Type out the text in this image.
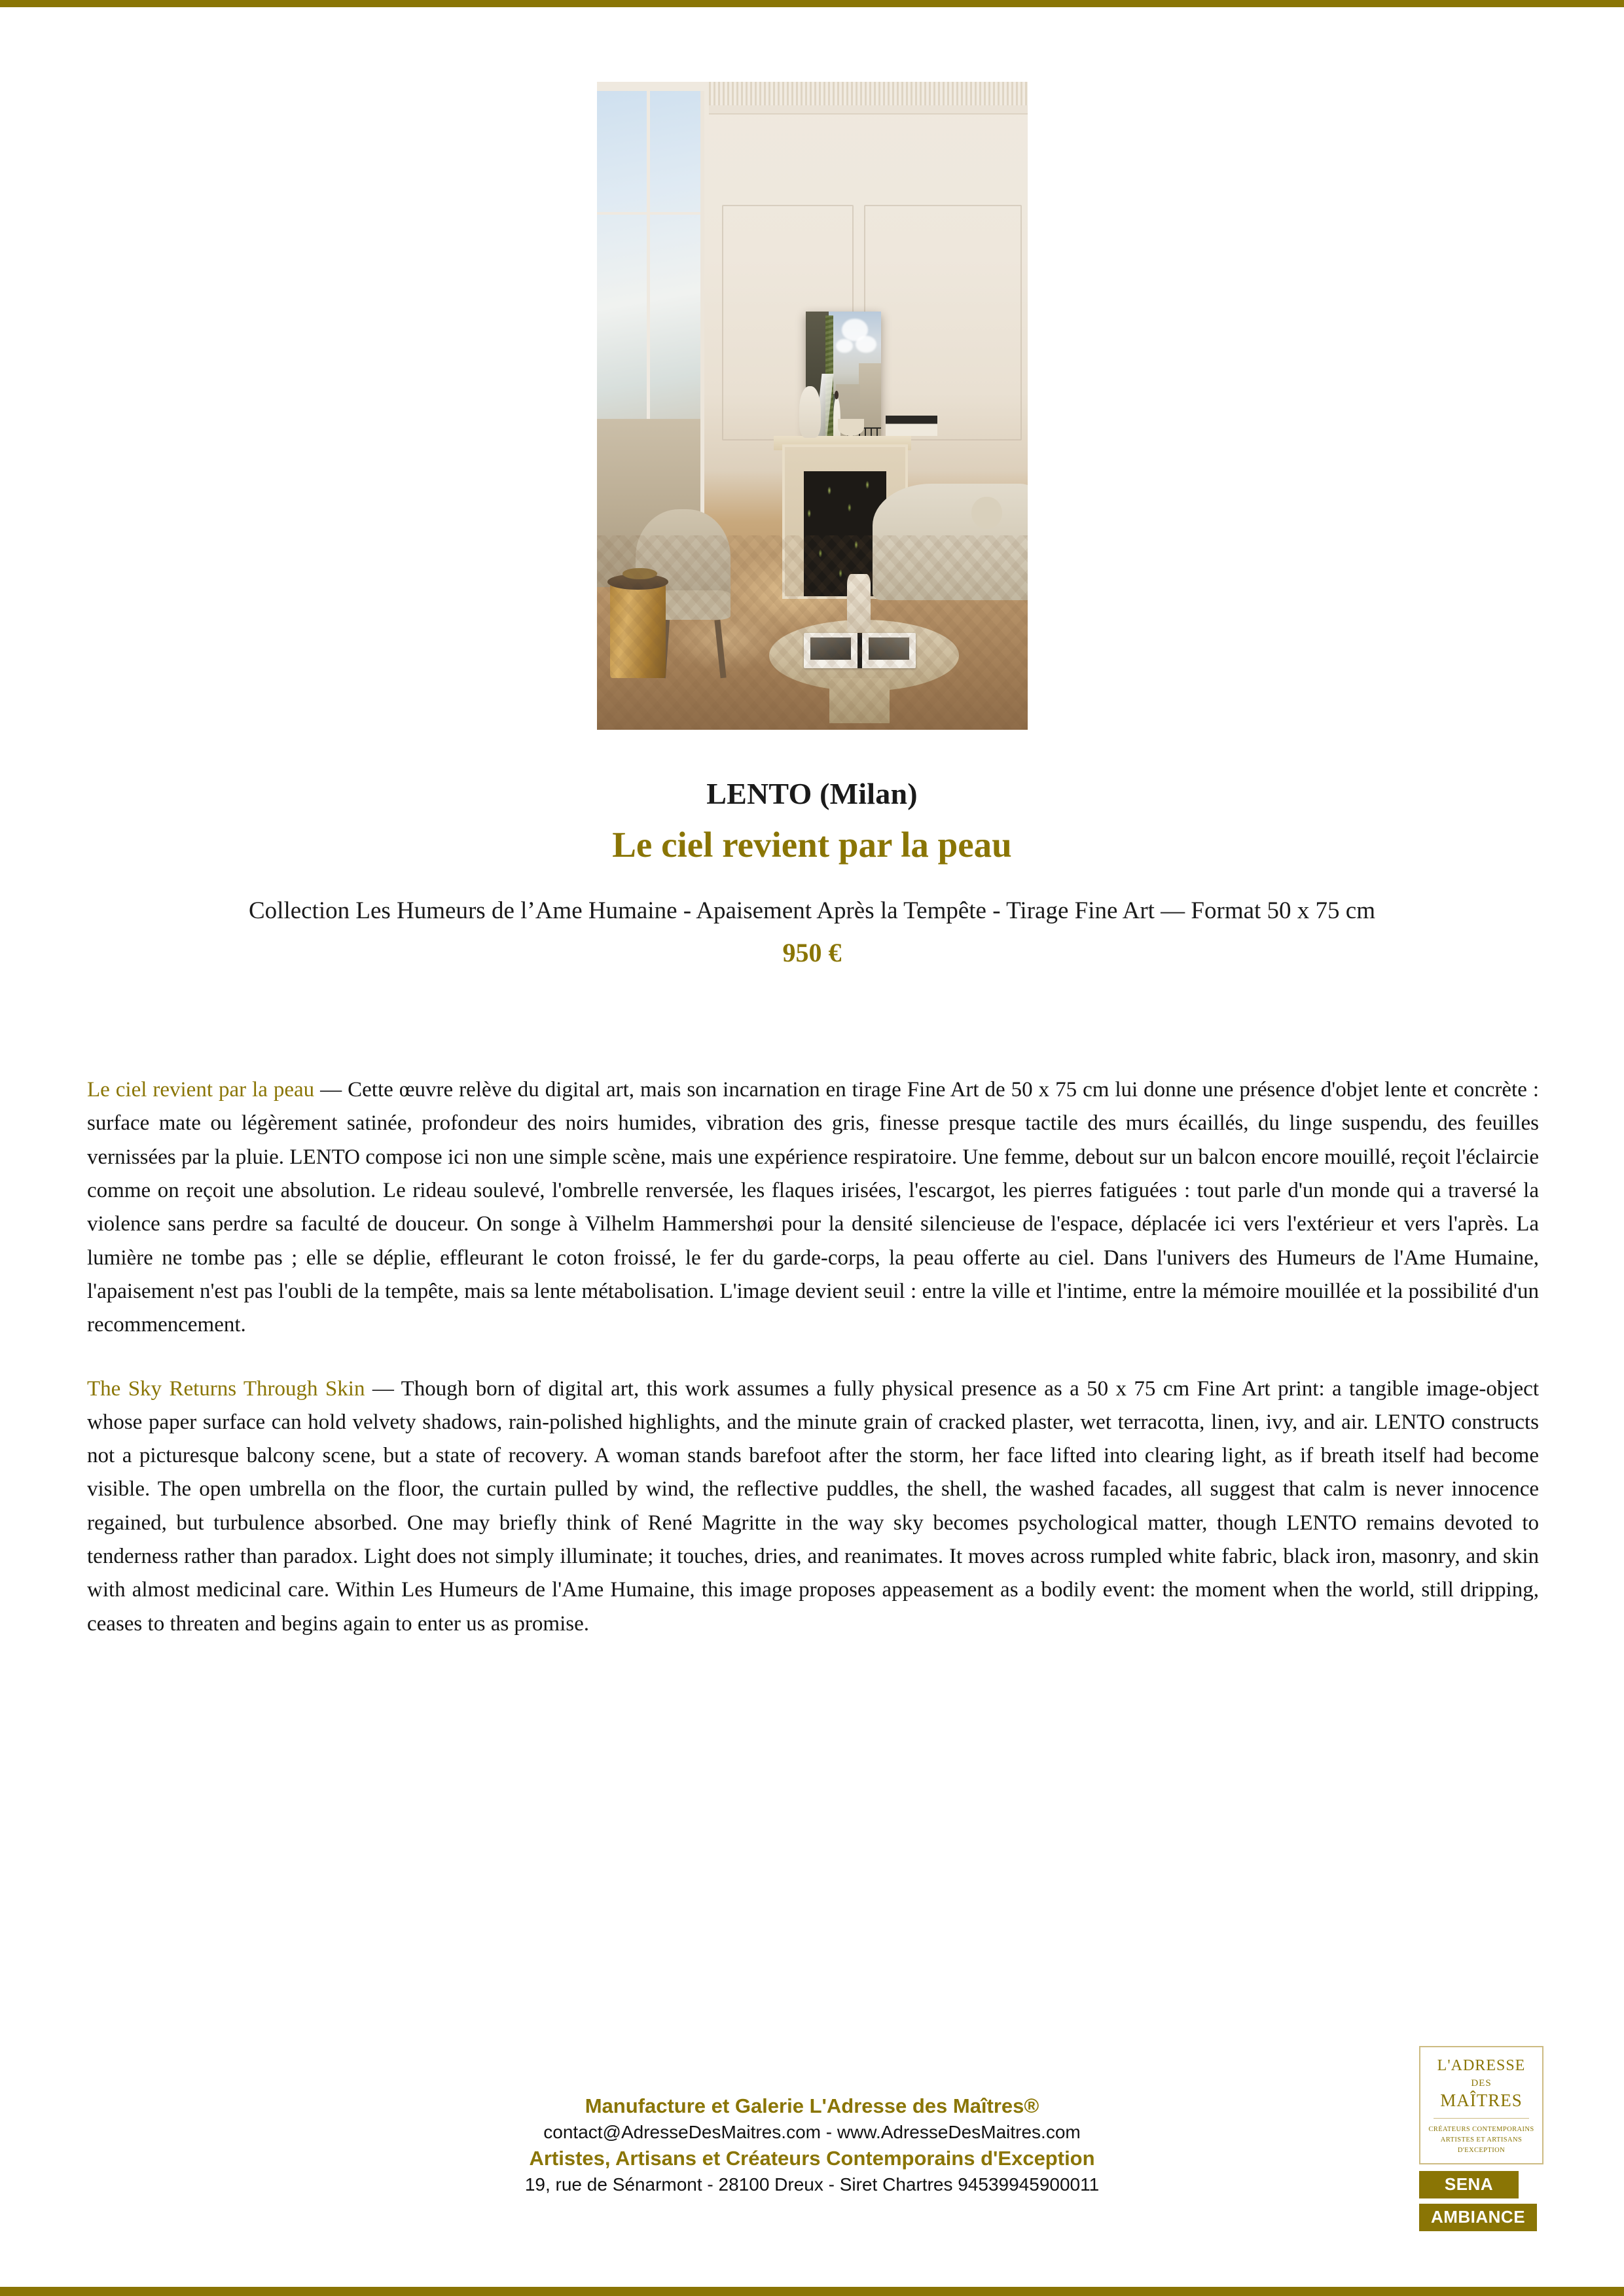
LENTO (Milan)
Le ciel revient par la peau
Collection Les Humeurs de l’Ame Humaine - Apaisement Après la Tempête - Tirage Fine Art — Format 50 x 75 cm
950 €

Le ciel revient par la peau — Cette œuvre relève du digital art, mais son incarnation en tirage Fine Art de 50 x 75 cm lui donne une présence d'objet lente et concrète : surface mate ou légèrement satinée, profondeur des noirs humides, vibration des gris, finesse presque tactile des murs écaillés, du linge suspendu, des feuilles vernissées par la pluie. LENTO compose ici non une simple scène, mais une expérience respiratoire. Une femme, debout sur un balcon encore mouillé, reçoit l'éclaircie comme on reçoit une absolution. Le rideau soulevé, l'ombrelle renversée, les flaques irisées, l'escargot, les pierres fatiguées : tout parle d'un monde qui a traversé la violence sans perdre sa faculté de douceur. On songe à Vilhelm Hammershøi pour la densité silencieuse de l'espace, déplacée ici vers l'extérieur et vers l'après. La lumière ne tombe pas ; elle se déplie, effleurant le coton froissé, le fer du garde-corps, la peau offerte au ciel. Dans l'univers des Humeurs de l'Ame Humaine, l'apaisement n'est pas l'oubli de la tempête, mais sa lente métabolisation. L'image devient seuil : entre la ville et l'intime, entre la mémoire mouillée et la possibilité d'un recommencement.

The Sky Returns Through Skin — Though born of digital art, this work assumes a fully physical presence as a 50 x 75 cm Fine Art print: a tangible image-object whose paper surface can hold velvety shadows, rain-polished highlights, and the minute grain of cracked plaster, wet terracotta, linen, ivy, and air. LENTO constructs not a picturesque balcony scene, but a state of recovery. A woman stands barefoot after the storm, her face lifted into clearing light, as if breath itself had become visible. The open umbrella on the floor, the curtain pulled by wind, the reflective puddles, the shell, the washed facades, all suggest that calm is never innocence regained, but turbulence absorbed. One may briefly think of René Magritte in the way sky becomes psychological matter, though LENTO remains devoted to tenderness rather than paradox. Light does not simply illuminate; it touches, dries, and reanimates. It moves across rumpled white fabric, black iron, masonry, and skin with almost medicinal care. Within Les Humeurs de l'Ame Humaine, this image proposes appeasement as a bodily event: the moment when the world, still dripping, ceases to threaten and begins again to enter us as promise.

Manufacture et Galerie L'Adresse des Maîtres®
contact@AdresseDesMaitres.com - www.AdresseDesMaitres.com
Artistes, Artisans et Créateurs Contemporains d'Exception
19, rue de Sénarmont - 28100 Dreux - Siret Chartres 94539945900011
L'ADRESSE
DES
MAÎTRES
CRÉATEURS CONTEMPORAINS
ARTISTES ET ARTISANS
D'EXCEPTION
SENA
AMBIANCE
